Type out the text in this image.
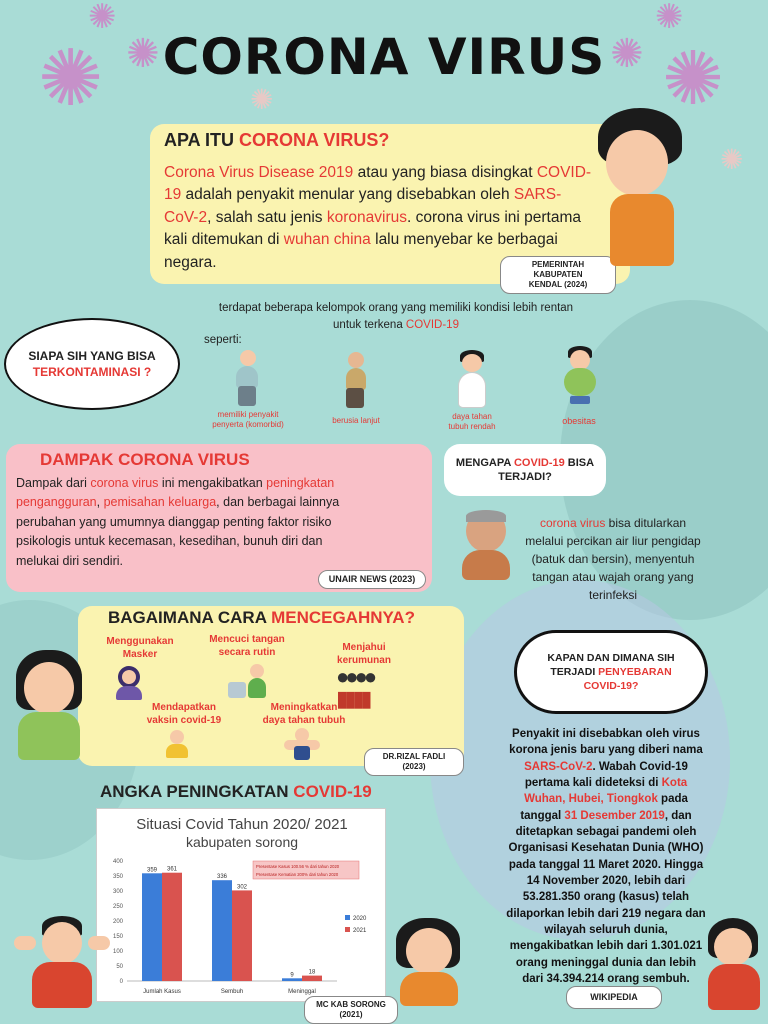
✺
✺ ✺
✺
✺ ✺
✺
✺
CORONA VIRUS
APA ITU CORONA VIRUS?
Corona Virus Disease 2019 atau yang biasa disingkat COVID-19 adalah penyakit menular yang disebabkan oleh SARS-CoV-2, salah satu jenis koronavirus. corona virus ini pertama kali ditemukan di wuhan china lalu menyebar ke berbagai negara.	PEMERINTAH KABUPATEN
KENDAL (2024)
SIAPA SIH YANG BISA
TERKONTAMINASI ?
terdapat beberapa kelompok orang yang memiliki kondisi lebih rentan
untuk terkena COVID-19
seperti:
memiliki penyakit
penyerta (komorbid)	berusia lanjut	daya tahan
tubuh rendah
obesitas
DAMPAK CORONA VIRUS
Dampak dari corona virus ini mengakibatkan peningkatan pengangguran, pemisahan keluarga, dan berbagai lainnya perubahan yang umumnya dianggap penting faktor risiko psikologis untuk kecemasan, kesedihan, bunuh diri dan melukai diri sendiri.
UNAIR NEWS (2023)
MENGAPA COVID-19 BISA
TERJADI?
corona virus bisa ditularkan melalui percikan air liur pengidap (batuk dan bersin), menyentuh tangan atau wajah orang yang terinfeksi
BAGAIMANA CARA MENCEGAHNYA?
Menggunakan
Masker
Mencuci tangan
secara rutin	Menjahui
kerumunan
●●●●
▮▮▮▮
Mendapatkan
vaksin covid-19
Meningkatkan
daya tahan tubuh
DR.RIZAL FADLI (2023)
ANGKA PENINGKATAN COVID-19
Situasi Covid Tahun 2020/ 2021
kabupaten sorong
0
50
100
150
200
250
300
350
400
359 361
Jumlah Kasus
336
302
Sembuh
9 18
Meninggal
Presentase Kasus 100.56 % dari tahun 2020
Presentase Kematian 200% dari tahun 2020
2020
2021
MC KAB SORONG (2021)
KAPAN DAN DIMANA SIH
TERJADI PENYEBARAN
COVID-19?
Penyakit ini disebabkan oleh virus korona jenis baru yang diberi nama SARS-CoV-2. Wabah Covid-19 pertama kali dideteksi di Kota Wuhan, Hubei, Tiongkok pada tanggal 31 Desember 2019, dan ditetapkan sebagai pandemi oleh Organisasi Kesehatan Dunia (WHO) pada tanggal 11 Maret 2020. Hingga 14 November 2020, lebih dari 53.281.350 orang (kasus) telah dilaporkan lebih dari 219 negara dan wilayah seluruh dunia, mengakibatkan lebih dari 1.301.021 orang meninggal dunia dan lebih dari 34.394.214 orang sembuh.
WIKIPEDIA
